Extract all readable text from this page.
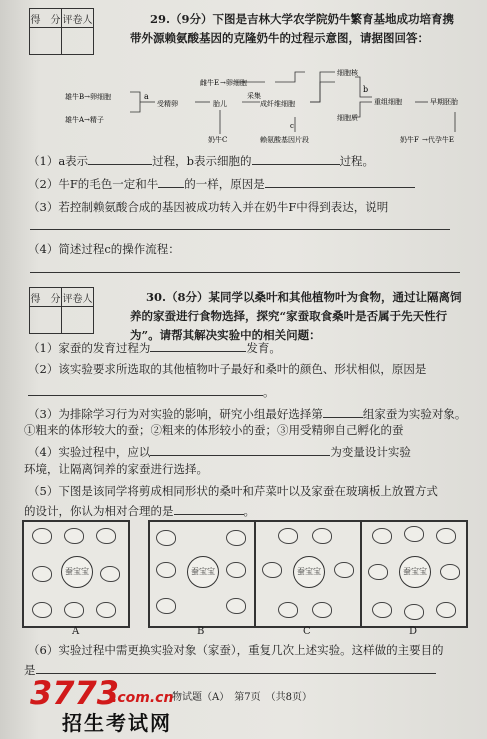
得　分	评卷人
		29.（9分）下图是吉林大学农学院奶牛繁育基地成功培育携
带外源赖氨酸基因的克隆奶牛的过程示意图，请据图回答：
雄牛B→卵细胞
雄牛A→精子
a
受精卵	胎儿
采集
成纤维细胞
奶牛C	赖氨酸基因片段
c
雌牛E →卵细胞
细胞核
细胞质
b
重组细胞	早期胚胎
奶牛F →代孕牛E
（1）a表示	过程，b表示细胞的	过程。
（2）牛F的毛色一定和牛 的一样，原因是
（3）若控制赖氨酸合成的基因被成功转入并在奶牛F中得到表达，说明
（4）简述过程c的操作流程：
得　分	评卷人
		30.（8分）某同学以桑叶和其他植物叶为食物，通过让隔离饲
养的家蚕进行食物选择，探究“家蚕取食桑叶是否属于先天性行
为”。请帮其解决实验中的相关问题：
（1）家蚕的发育过程为	发育。
（2）该实验要求所选取的其他植物叶子最好和桑叶的颜色、形状相似，原因是
。
（3）为排除学习行为对实验的影响，研究小组最好选择第	组家蚕为实验对象。
①粗来的体形较大的蚕；②粗来的体形较小的蚕；③用受精卵自己孵化的蚕
（4）实验过程中，应以	为变量设计实验
环境，让隔离饲养的家蚕进行选择。
（5）下图是该同学将剪成相同形状的桑叶和芹菜叶以及家蚕在玻璃板上放置方式
的设计，你认为相对合理的是	。
蚕宝宝	蚕宝宝	蚕宝宝	蚕宝宝
A	B	C	D
（6）实验过程中需更换实验对象（家蚕），重复几次上述实验。这样做的主要目的
是
物试题（A）　第7页　（共8页）
3773
.com.cn
招生考试网
